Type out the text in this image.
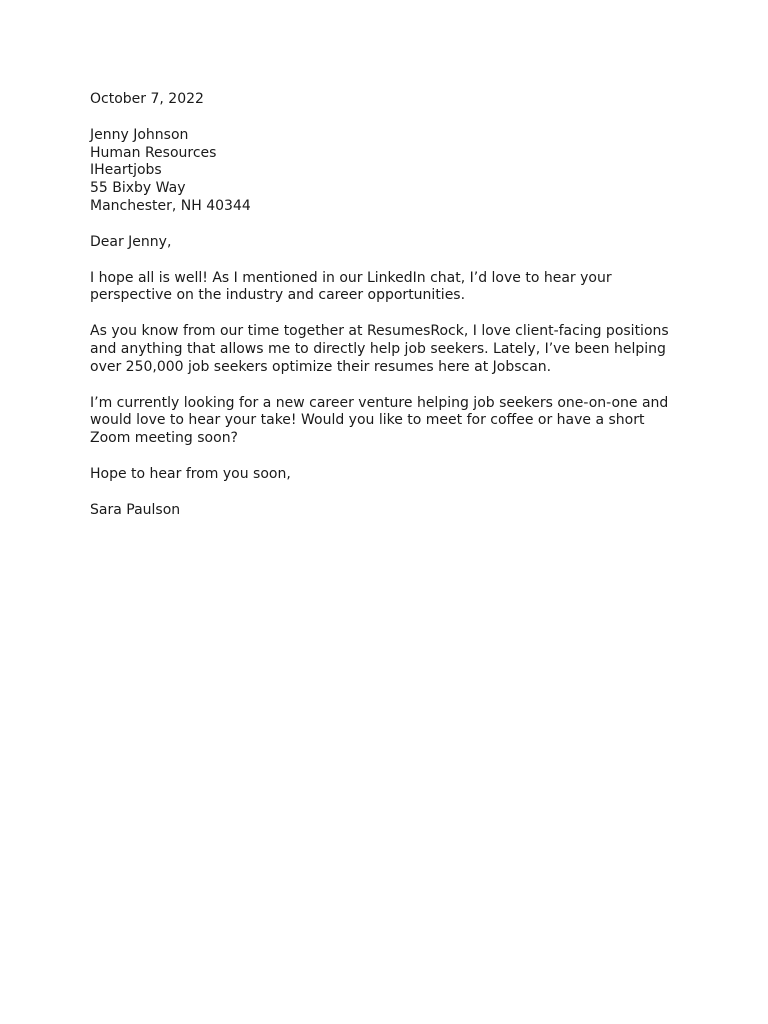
October 7, 2022
Jenny Johnson
Human Resources
IHeartjobs
55 Bixby Way
Manchester, NH 40344
Dear Jenny,
I hope all is well! As I mentioned in our LinkedIn chat, I’d love to hear your
perspective on the industry and career opportunities.
As you know from our time together at ResumesRock, I love client-facing positions
and anything that allows me to directly help job seekers. Lately, I’ve been helping
over 250,000 job seekers optimize their resumes here at Jobscan.
I’m currently looking for a new career venture helping job seekers one-on-one and
would love to hear your take! Would you like to meet for coffee or have a short
Zoom meeting soon?
Hope to hear from you soon,
Sara Paulson
